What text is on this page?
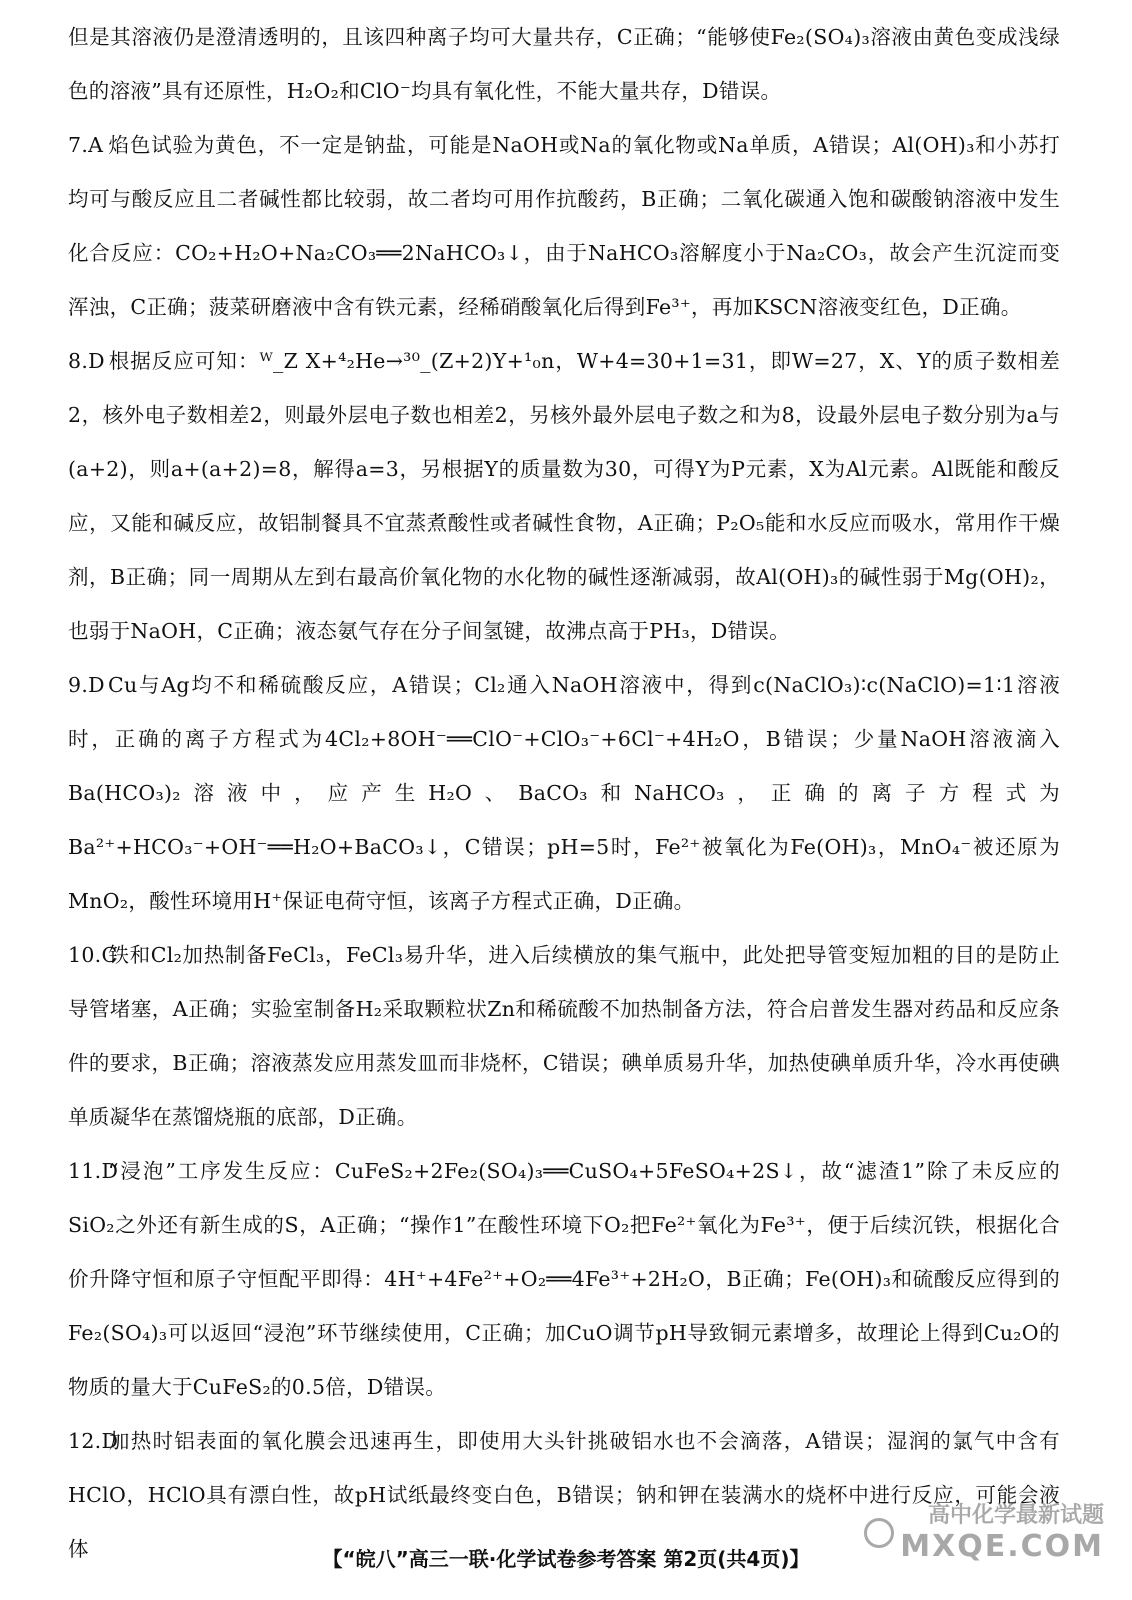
但是其溶液仍是澄清透明的，且该四种离子均可大量共存，C正确；“能够使Fe₂(SO₄)₃溶液由黄色变成浅绿色的溶液”具有还原性，H₂O₂和ClO⁻均具有氧化性，不能大量共存，D错误。

7.A 焰色试验为黄色，不一定是钠盐，可能是NaOH或Na的氧化物或Na单质，A错误；Al(OH)₃和小苏打均可与酸反应且二者碱性都比较弱，故二者均可用作抗酸药，B正确；二氧化碳通入饱和碳酸钠溶液中发生化合反应：CO₂+H₂O+Na₂CO₃══2NaHCO₃↓，由于NaHCO₃溶解度小于Na₂CO₃，故会产生沉淀而变浑浊，C正确；菠菜研磨液中含有铁元素，经稀硝酸氧化后得到Fe³⁺，再加KSCN溶液变红色，D正确。

8.D 根据反应可知：ᵂ_Z X+⁴₂He→³⁰_(Z+2)Y+¹₀n，W+4=30+1=31，即W=27，X、Y的质子数相差2，核外电子数相差2，则最外层电子数也相差2，另核外最外层电子数之和为8，设最外层电子数分别为a与(a+2)，则a+(a+2)=8，解得a=3，另根据Y的质量数为30，可得Y为P元素，X为Al元素。Al既能和酸反应，又能和碱反应，故铝制餐具不宜蒸煮酸性或者碱性食物，A正确；P₂O₅能和水反应而吸水，常用作干燥剂，B正确；同一周期从左到右最高价氧化物的水化物的碱性逐渐减弱，故Al(OH)₃的碱性弱于Mg(OH)₂，也弱于NaOH，C正确；液态氨气存在分子间氢键，故沸点高于PH₃，D错误。

9.D Cu与Ag均不和稀硫酸反应，A错误；Cl₂通入NaOH溶液中，得到c(NaClO₃)∶c(NaClO)=1∶1溶液时，正确的离子方程式为4Cl₂+8OH⁻══ClO⁻+ClO₃⁻+6Cl⁻+4H₂O，B错误；少量NaOH溶液滴入Ba(HCO₃)₂溶液中，应产生H₂O、BaCO₃和NaHCO₃，正确的离子方程式为Ba²⁺+HCO₃⁻+OH⁻══H₂O+BaCO₃↓，C错误；pH=5时，Fe²⁺被氧化为Fe(OH)₃，MnO₄⁻被还原为MnO₂，酸性环境用H⁺保证电荷守恒，该离子方程式正确，D正确。

10.C铁和Cl₂加热制备FeCl₃，FeCl₃易升华，进入后续横放的集气瓶中，此处把导管变短加粗的目的是防止导管堵塞，A正确；实验室制备H₂采取颗粒状Zn和稀硫酸不加热制备方法，符合启普发生器对药品和反应条件的要求，B正确；溶液蒸发应用蒸发皿而非烧杯，C错误；碘单质易升华，加热使碘单质升华，冷水再使碘单质凝华在蒸馏烧瓶的底部，D正确。

11.D“浸泡”工序发生反应：CuFeS₂+2Fe₂(SO₄)₃══CuSO₄+5FeSO₄+2S↓，故“滤渣1”除了未反应的SiO₂之外还有新生成的S，A正确；“操作1”在酸性环境下O₂把Fe²⁺氧化为Fe³⁺，便于后续沉铁，根据化合价升降守恒和原子守恒配平即得：4H⁺+4Fe²⁺+O₂══4Fe³⁺+2H₂O，B正确；Fe(OH)₃和硫酸反应得到的Fe₂(SO₄)₃可以返回“浸泡”环节继续使用，C正确；加CuO调节pH导致铜元素增多，故理论上得到Cu₂O的物质的量大于CuFeS₂的0.5倍，D错误。

12.D加热时铝表面的氧化膜会迅速再生，即使用大头针挑破铝水也不会滴落，A错误；湿润的氯气中含有HClO，HClO具有漂白性，故pH试纸最终变白色，B错误；钠和钾在装满水的烧杯中进行反应，可能会液体	【“皖八”高三一联·化学试卷参考答案 第2页(共4页)】
高中化学最新试题
MXQE.COM
